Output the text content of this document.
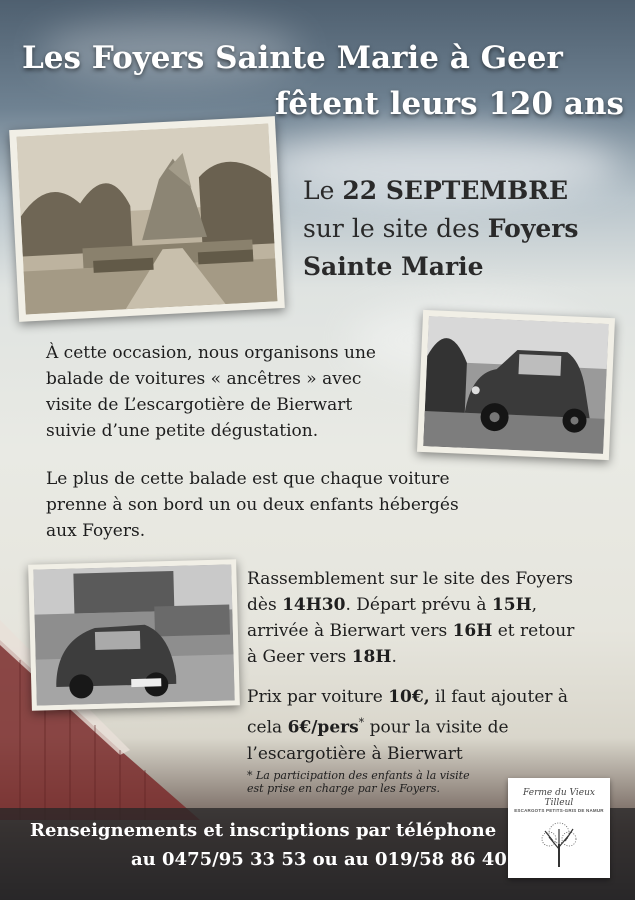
Les Foyers Sainte Marie à Geer
fêtent leurs 120 ans
Le 22 SEPTEMBRE
sur le site des Foyers
Sainte Marie
À cette occasion, nous organisons une balade de voitures « ancêtres » avec visite de L’escargotière de Bierwart suivie d’une petite dégustation.
Le plus de cette balade est que chaque voiture prenne à son bord un ou deux enfants hébergés aux Foyers.
Rassemblement sur le site des Foyers dès 14H30. Départ prévu à 15H, arrivée à Bierwart vers 16H et retour à Geer vers 18H.
Prix par voiture 10€, il faut ajouter à cela 6€/pers* pour la visite de l’escargotière à Bierwart
* La participation des enfants à la visite est prise en charge par les Foyers.
Renseignements et inscriptions par téléphone
au 0475/95 33 53 ou au 019/58 86 40
Ferme du Vieux Tilleul
ESCARGOTS PETITS-GRIS DE NAMUR
